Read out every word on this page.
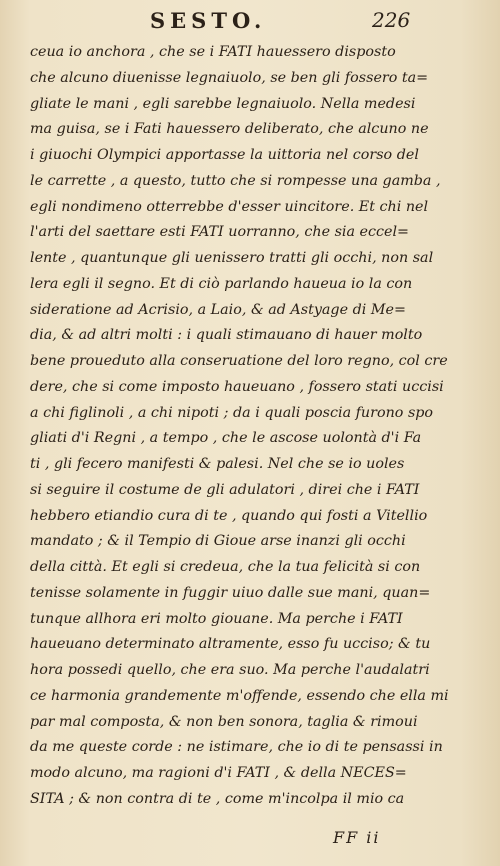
SESTO.	226
ceua io anchora , che se i FATI hauessero disposto
che alcuno diuenisse legnaiuolo, se ben gli fossero ta=
gliate le mani , egli sarebbe legnaiuolo. Nella medesi
ma guisa, se i Fati hauessero deliberato, che alcuno ne
i giuochi Olympici apportasse la uittoria nel corso del
le carrette , a questo, tutto che si rompesse una gamba ,
egli nondimeno otterrebbe d'esser uincitore. Et chi nel
l'arti del saettare esti FATI uorranno, che sia eccel=
lente , quantunque gli uenissero tratti gli occhi, non sal
lera egli il segno. Et di ciò parlando haueua io la con
sideratione ad Acrisio, a Laio, & ad Astyage di Me=
dia, & ad altri molti : i quali stimauano di hauer molto
bene proueduto alla conseruatione del loro regno, col cre
dere, che si come imposto haueuano , fossero stati uccisi
a chi figlinoli , a chi nipoti ; da i quali poscia furono spo
gliati d'i Regni , a tempo , che le ascose uolontà d'i Fa
ti , gli fecero manifesti & palesi. Nel che se io uoles
si seguire il costume de gli adulatori , direi che i FATI
hebbero etiandio cura di te , quando qui fosti a Vitellio
mandato ; & il Tempio di Gioue arse inanzi gli occhi
della città. Et egli si credeua, che la tua felicità si con
tenisse solamente in fuggir uiuo dalle sue mani, quan=
tunque allhora eri molto giouane. Ma perche i FATI
haueuano determinato altramente, esso fu ucciso; & tu
hora possedi quello, che era suo. Ma perche l'audalatri
ce harmonia grandemente m'offende, essendo che ella mi
par mal composta, & non ben sonora, taglia & rimoui
da me queste corde : ne istimare, che io di te pensassi in
modo alcuno, ma ragioni d'i FATI , & della NECES=
SITA ; & non contra di te , come m'incolpa il mio ca
FF ii
